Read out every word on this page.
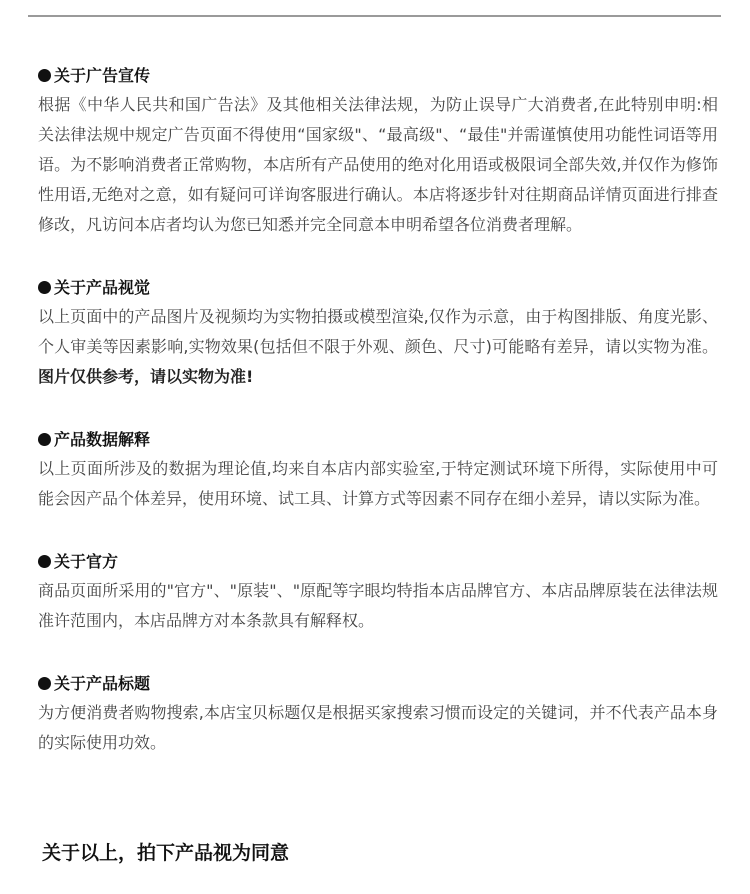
关于广告宣传
根据《中华人民共和国广告法》及其他相关法律法规，为防止误导广大消费者,在此特别申明:相关法律法规中规定广告页面不得使用“国家级"、“最高级"、“最佳"并需谨慎使用功能性词语等用语。为不影响消费者正常购物，本店所有产品使用的绝对化用语或极限词全部失效,并仅作为修饰性用语,无绝对之意，如有疑问可详询客服进行确认。本店将逐步针对往期商品详情页面进行排查修改，凡访问本店者均认为您已知悉并完全同意本申明希望各位消费者理解。
关于产品视觉
以上页面中的产品图片及视频均为实物拍摄或模型渲染,仅作为示意，由于构图排版、角度光影、个人审美等因素影响,实物效果(包括但不限于外观、颜色、尺寸)可能略有差异，请以实物为准。图片仅供参考，请以实物为准!
产品数据解释
以上页面所涉及的数据为理论值,均来自本店内部实验室,于特定测试环境下所得，实际使用中可能会因产品个体差异，使用环境、试工具、计算方式等因素不同存在细小差异，请以实际为准。
关于官方
商品页面所采用的"官方"、"原装"、"原配等字眼均特指本店品牌官方、本店品牌原装在法律法规准许范围内，本店品牌方对本条款具有解释权。
关于产品标题
为方便消费者购物搜索,本店宝贝标题仅是根据买家搜索习惯而设定的关键词，并不代表产品本身的实际使用功效。
关于以上，拍下产品视为同意
